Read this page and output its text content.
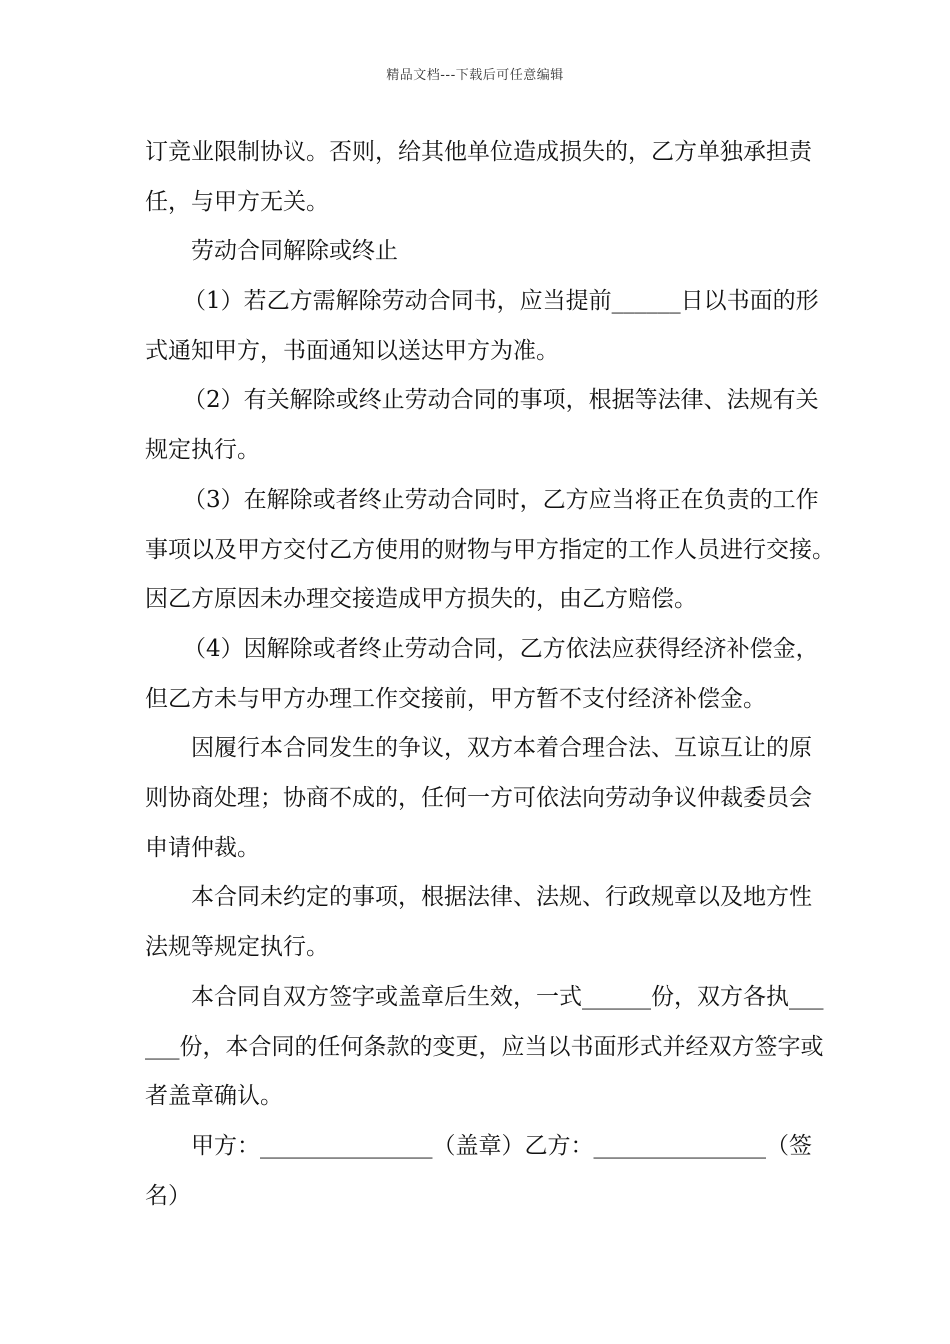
精品文档---下载后可任意编辑
订竞业限制协议。否则，给其他单位造成损失的，乙方单独承担责
任，与甲方无关。
劳动合同解除或终止
（1）若乙方需解除劳动合同书，应当提前______日以书面的形
式通知甲方，书面通知以送达甲方为准。
（2）有关解除或终止劳动合同的事项，根据等法律、法规有关
规定执行。
（3）在解除或者终止劳动合同时，乙方应当将正在负责的工作
事项以及甲方交付乙方使用的财物与甲方指定的工作人员进行交接。
因乙方原因未办理交接造成甲方损失的，由乙方赔偿。
（4）因解除或者终止劳动合同，乙方依法应获得经济补偿金，
但乙方未与甲方办理工作交接前，甲方暂不支付经济补偿金。
因履行本合同发生的争议，双方本着合理合法、互谅互让的原
则协商处理；协商不成的，任何一方可依法向劳动争议仲裁委员会
申请仲裁。
本合同未约定的事项，根据法律、法规、行政规章以及地方性
法规等规定执行。
本合同自双方签字或盖章后生效，一式______份，双方各执___
___份，本合同的任何条款的变更，应当以书面形式并经双方签字或
者盖章确认。
甲方：_______________（盖章）乙方：_______________（签
名）
